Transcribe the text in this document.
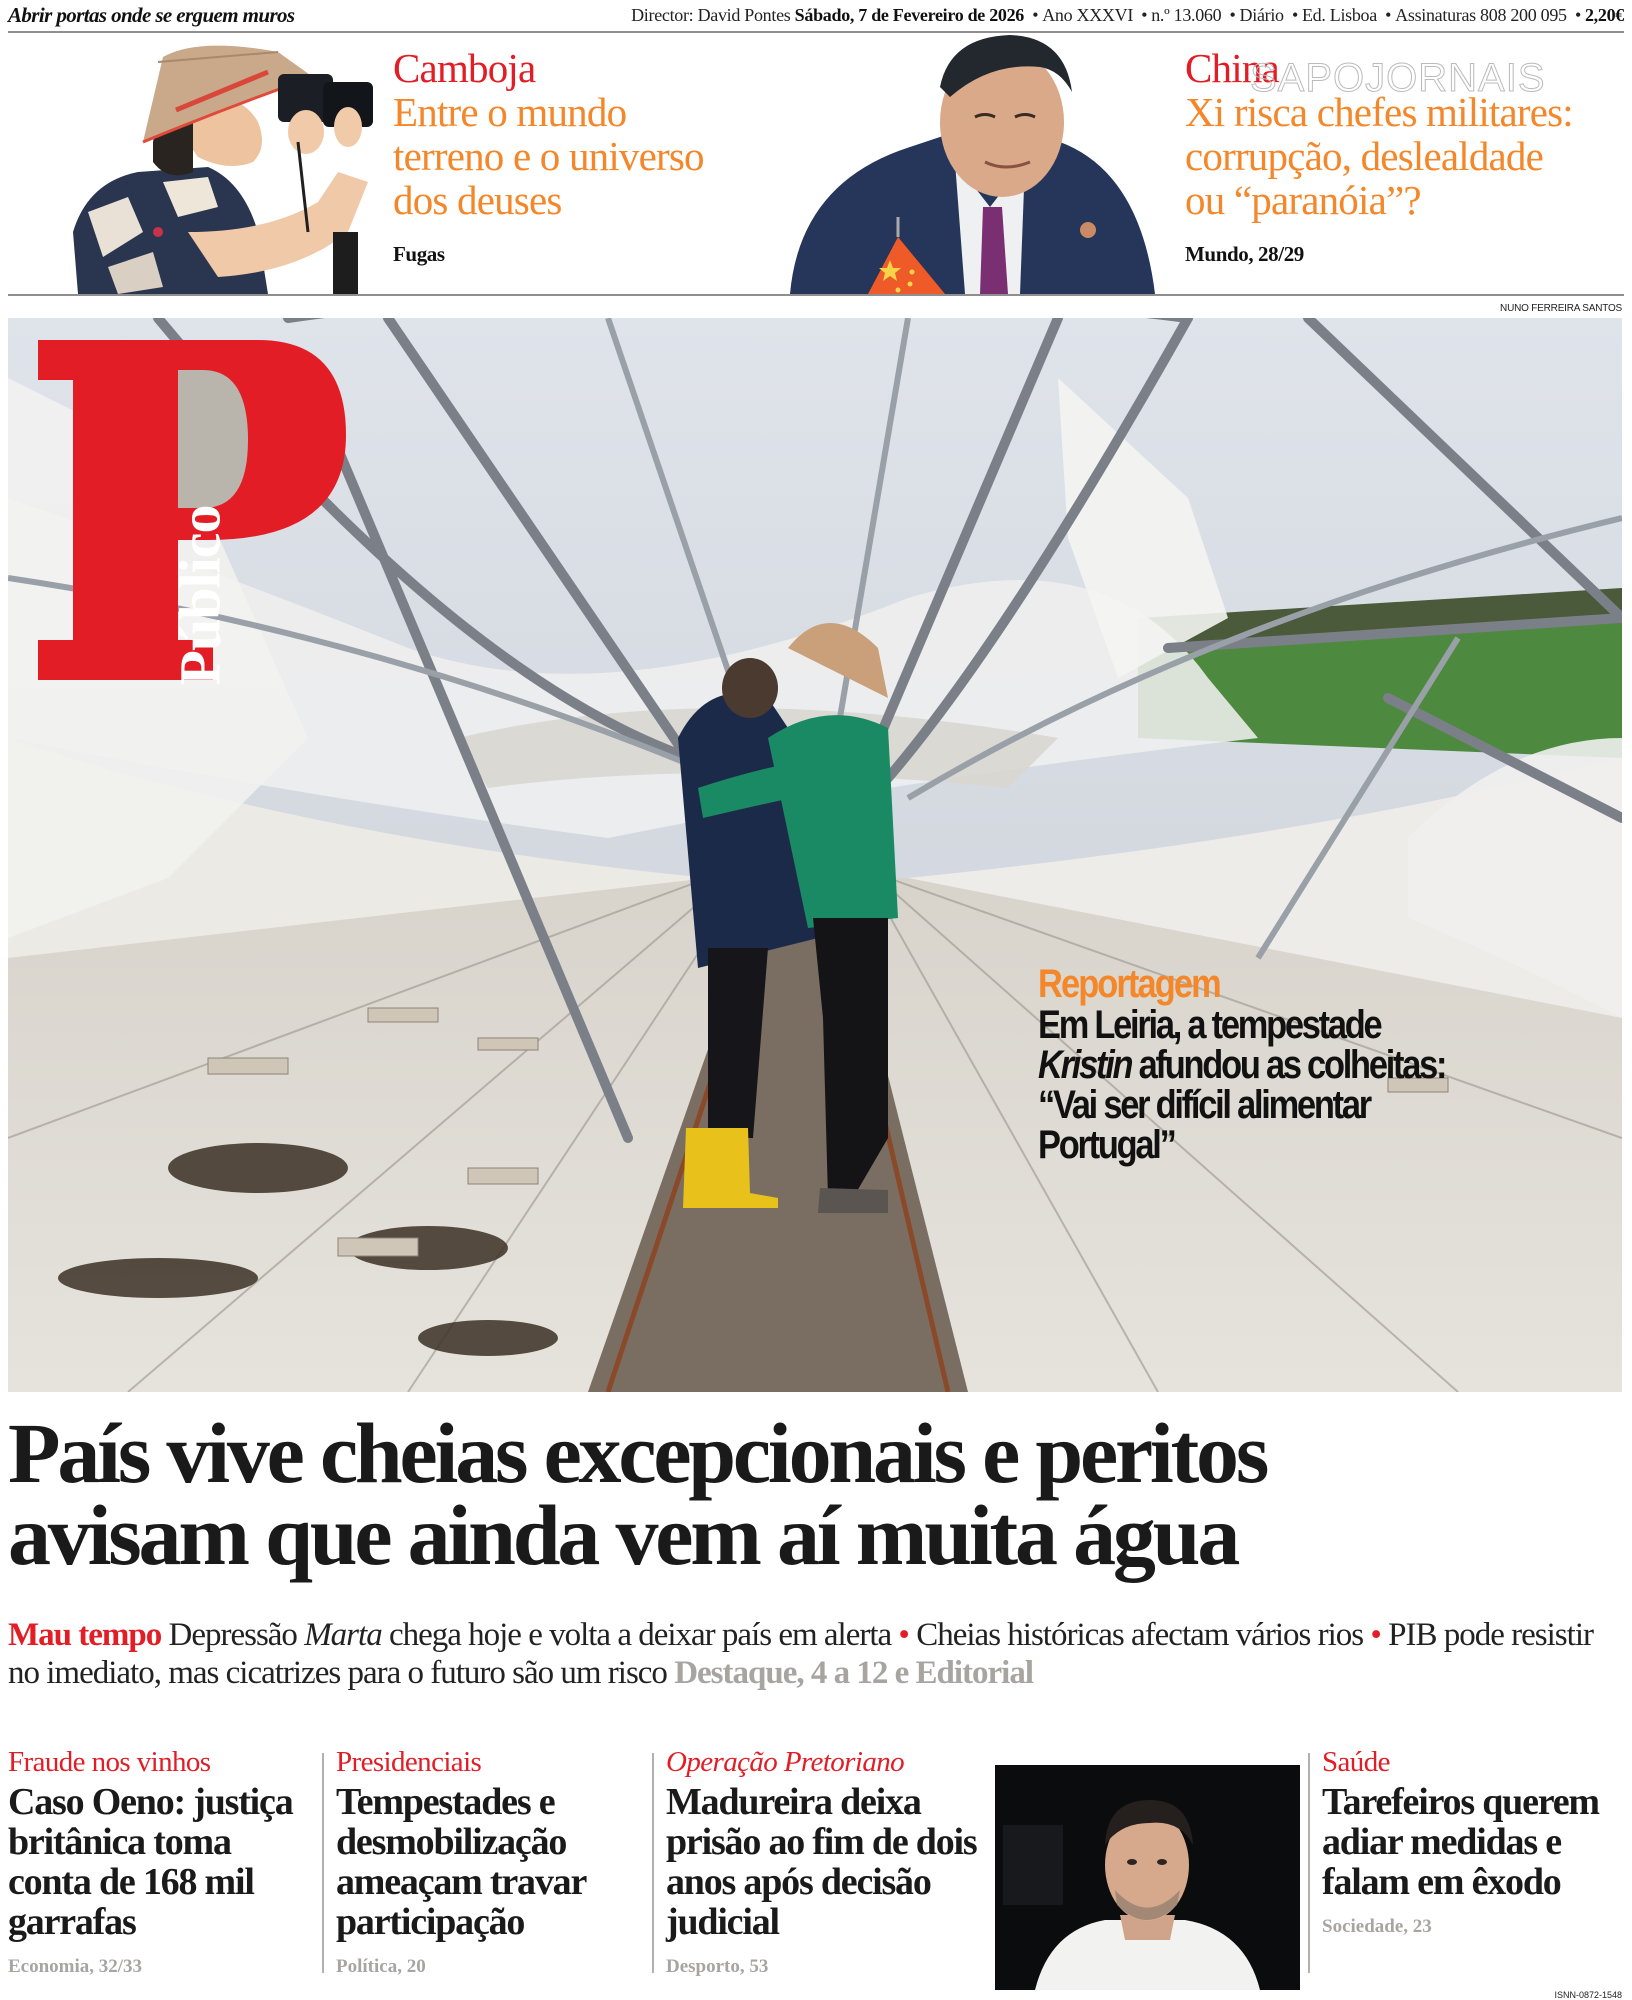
Abrir portas onde se erguem muros	Director: David Pontes Sábado, 7 de Fevereiro de 2026 • Ano XXXVI • n.º 13.060 • Diário • Ed. Lisboa • Assinaturas 808 200 095 • 2,20€
Camboja
Entre o mundo
terreno e o universo
dos deuses
Fugas
China
Xi risca chefes militares:
corrupção, deslealdade
ou “paranóia”?
Mundo, 28/29
SAPOJORNAIS
NUNO FERREIRA SANTOS
Público
Reportagem
Em Leiria, a tempestade Kristin afundou as colheitas: “Vai ser difícil alimentar Portugal”
País vive cheias excepcionais e peritos
avisam que ainda vem aí muita água
Mau tempo Depressão Marta chega hoje e volta a deixar país em alerta • Cheias históricas afectam vários rios • PIB pode resistir no imediato, mas cicatrizes para o futuro são um risco Destaque, 4 a 12 e Editorial
Fraude nos vinhos
Caso Oeno: justiça britânica toma conta de 168 mil garrafas
Economia, 32/33
Presidenciais
Tempestades e desmobilização ameaçam travar participação
Política, 20
Operação Pretoriano
Madureira deixa prisão ao fim de dois anos após decisão judicial
Desporto, 53
Saúde
Tarefeiros querem adiar medidas e falam em êxodo
Sociedade, 23
ISNN-0872-1548
